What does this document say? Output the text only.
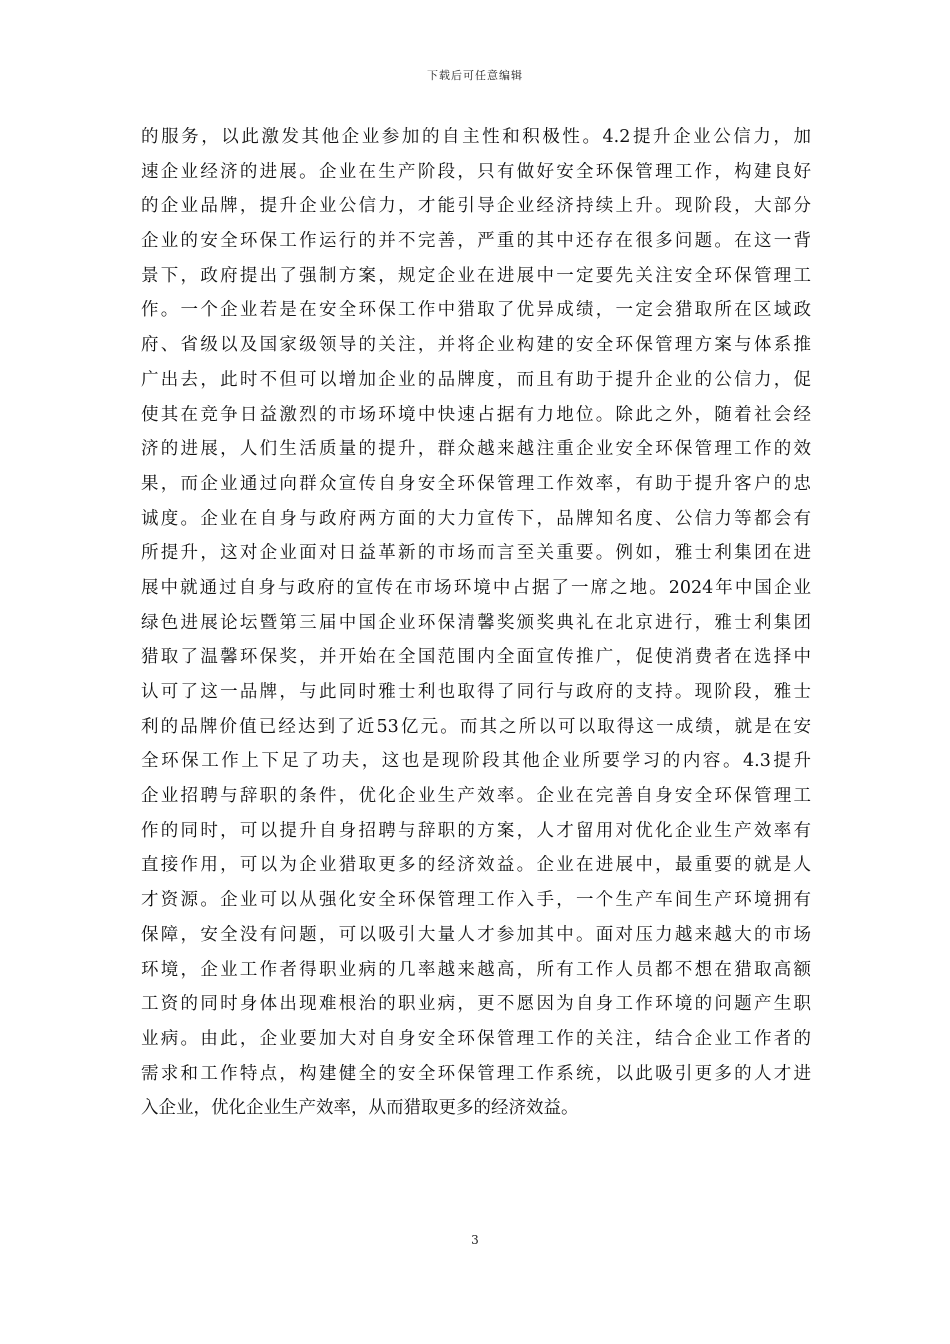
下载后可任意编辑
的服务，以此激发其他企业参加的自主性和积极性。4.2提升企业公信力，加
速企业经济的进展。企业在生产阶段，只有做好安全环保管理工作，构建良好
的企业品牌，提升企业公信力，才能引导企业经济持续上升。现阶段，大部分
企业的安全环保工作运行的并不完善，严重的其中还存在很多问题。在这一背
景下，政府提出了强制方案，规定企业在进展中一定要先关注安全环保管理工
作。一个企业若是在安全环保工作中猎取了优异成绩，一定会猎取所在区域政
府、省级以及国家级领导的关注，并将企业构建的安全环保管理方案与体系推
广出去，此时不但可以增加企业的品牌度，而且有助于提升企业的公信力，促
使其在竞争日益激烈的市场环境中快速占据有力地位。除此之外，随着社会经
济的进展，人们生活质量的提升，群众越来越注重企业安全环保管理工作的效
果，而企业通过向群众宣传自身安全环保管理工作效率，有助于提升客户的忠
诚度。企业在自身与政府两方面的大力宣传下，品牌知名度、公信力等都会有
所提升，这对企业面对日益革新的市场而言至关重要。例如，雅士利集团在进
展中就通过自身与政府的宣传在市场环境中占据了一席之地。2024年中国企业
绿色进展论坛暨第三届中国企业环保清馨奖颁奖典礼在北京进行，雅士利集团
猎取了温馨环保奖，并开始在全国范围内全面宣传推广，促使消费者在选择中
认可了这一品牌，与此同时雅士利也取得了同行与政府的支持。现阶段，雅士
利的品牌价值已经达到了近53亿元。而其之所以可以取得这一成绩，就是在安
全环保工作上下足了功夫，这也是现阶段其他企业所要学习的内容。4.3提升
企业招聘与辞职的条件，优化企业生产效率。企业在完善自身安全环保管理工
作的同时，可以提升自身招聘与辞职的方案，人才留用对优化企业生产效率有
直接作用，可以为企业猎取更多的经济效益。企业在进展中，最重要的就是人
才资源。企业可以从强化安全环保管理工作入手，一个生产车间生产环境拥有
保障，安全没有问题，可以吸引大量人才参加其中。面对压力越来越大的市场
环境，企业工作者得职业病的几率越来越高，所有工作人员都不想在猎取高额
工资的同时身体出现难根治的职业病，更不愿因为自身工作环境的问题产生职
业病。由此，企业要加大对自身安全环保管理工作的关注，结合企业工作者的
需求和工作特点，构建健全的安全环保管理工作系统，以此吸引更多的人才进
入企业，优化企业生产效率，从而猎取更多的经济效益。
3
